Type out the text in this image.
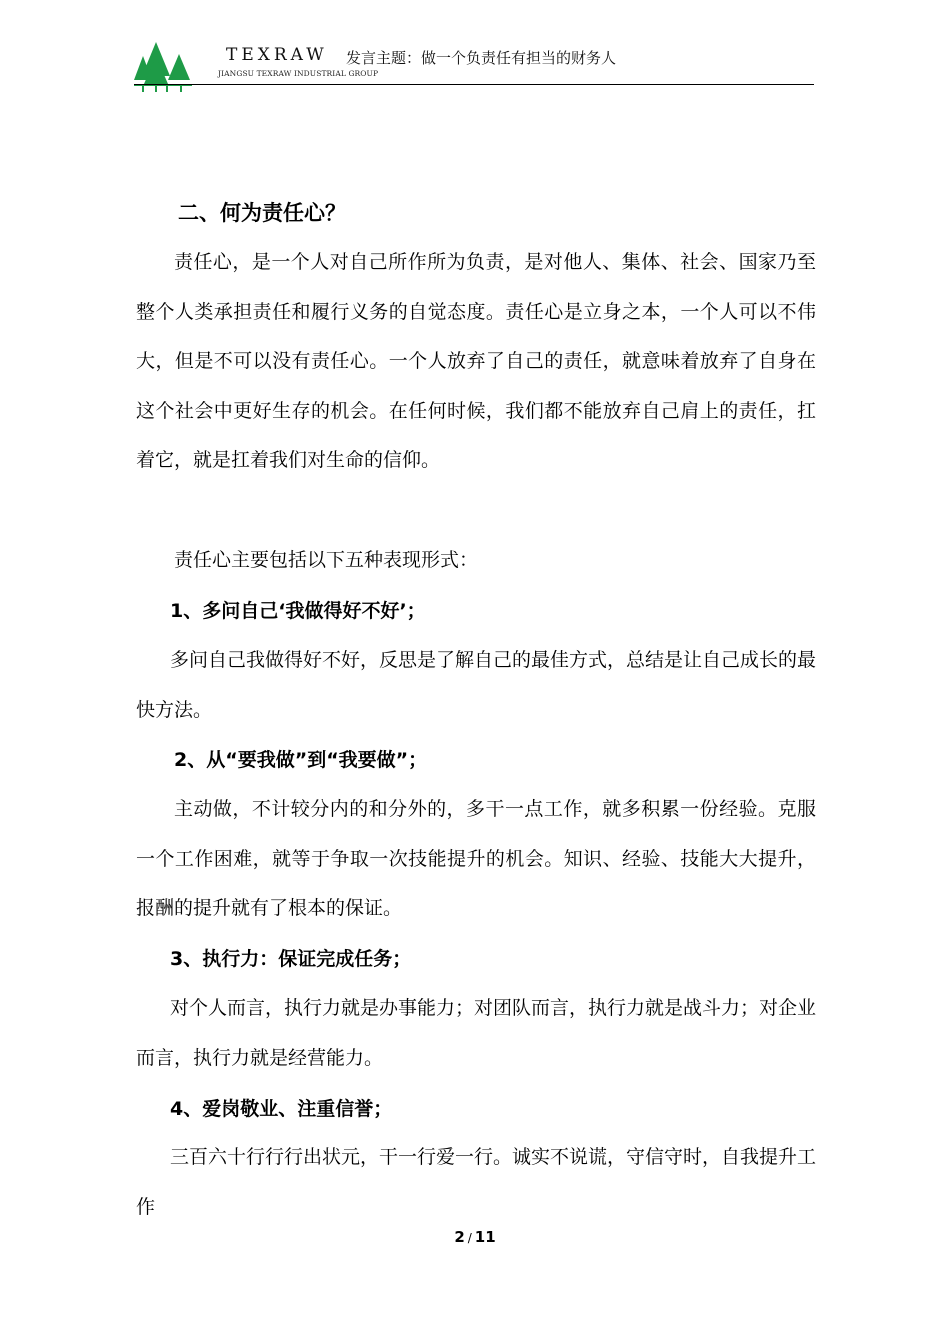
TEXRAW
JIANGSU TEXRAW INDUSTRIAL GROUP
发言主题：做一个负责任有担当的财务人

二、何为责任心？

责任心，是一个人对自己所作所为负责，是对他人、集体、社会、国家乃至整个人类承担责任和履行义务的自觉态度。责任心是立身之本，一个人可以不伟大，但是不可以没有责任心。一个人放弃了自己的责任，就意味着放弃了自身在这个社会中更好生存的机会。在任何时候，我们都不能放弃自己肩上的责任，扛着它，就是扛着我们对生命的信仰。

责任心主要包括以下五种表现形式：

1、多问自己‘我做得好不好’；

多问自己我做得好不好，反思是了解自己的最佳方式，总结是让自己成长的最快方法。

2、从“要我做”到“我要做”；

主动做，不计较分内的和分外的，多干一点工作，就多积累一份经验。克服一个工作困难，就等于争取一次技能提升的机会。知识、经验、技能大大提升，报酬的提升就有了根本的保证。

3、执行力：保证完成任务；

对个人而言，执行力就是办事能力；对团队而言，执行力就是战斗力；对企业而言，执行力就是经营能力。

4、爱岗敬业、注重信誉；

三百六十行行行出状元，干一行爱一行。诚实不说谎，守信守时，自我提升工作

2 / 11
